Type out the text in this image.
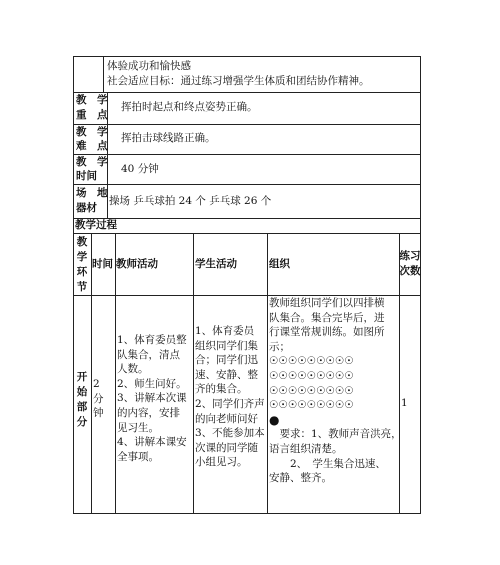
体验成功和愉快感
社会适应目标：通过练习增强学生体质和团结协作精神。
教　学
重　点
挥拍时起点和终点姿势正确。
教　学
难　点
挥拍击球线路正确。
教　学
时间
40 分钟
场　地
器材
操场 乒乓球拍 24 个 乒乓球 26 个
教学过程
教
学
环
节
时间 教师活动	学生活动	组织
练习
次数
开
始
部
分
2
分
钟
1、体育委员整
队集合，清点
人数。
2、师生问好。
3、讲解本次课
的内容，安排
见习生。
4、讲解本课安
全事项。
1、体育委员
组织同学们集
合；同学们迅
速、安静、整
齐的集合。
2、同学们齐声
的向老师问好
3、不能参加本
次课的同学随
小组见习。
教师组织同学们以四排横
队集合。集合完毕后，进
行课堂常规训练。如图所
示；
☉☉☉☉☉☉☉☉☉
☉☉☉☉☉☉☉☉☉
☉☉☉☉☉☉☉☉☉
☉☉☉☉☉☉☉☉☉
●
　要求：1、教师声音洪亮，
语言组织清楚。
　　2、　学生集合迅速、
安静、整齐。
1
